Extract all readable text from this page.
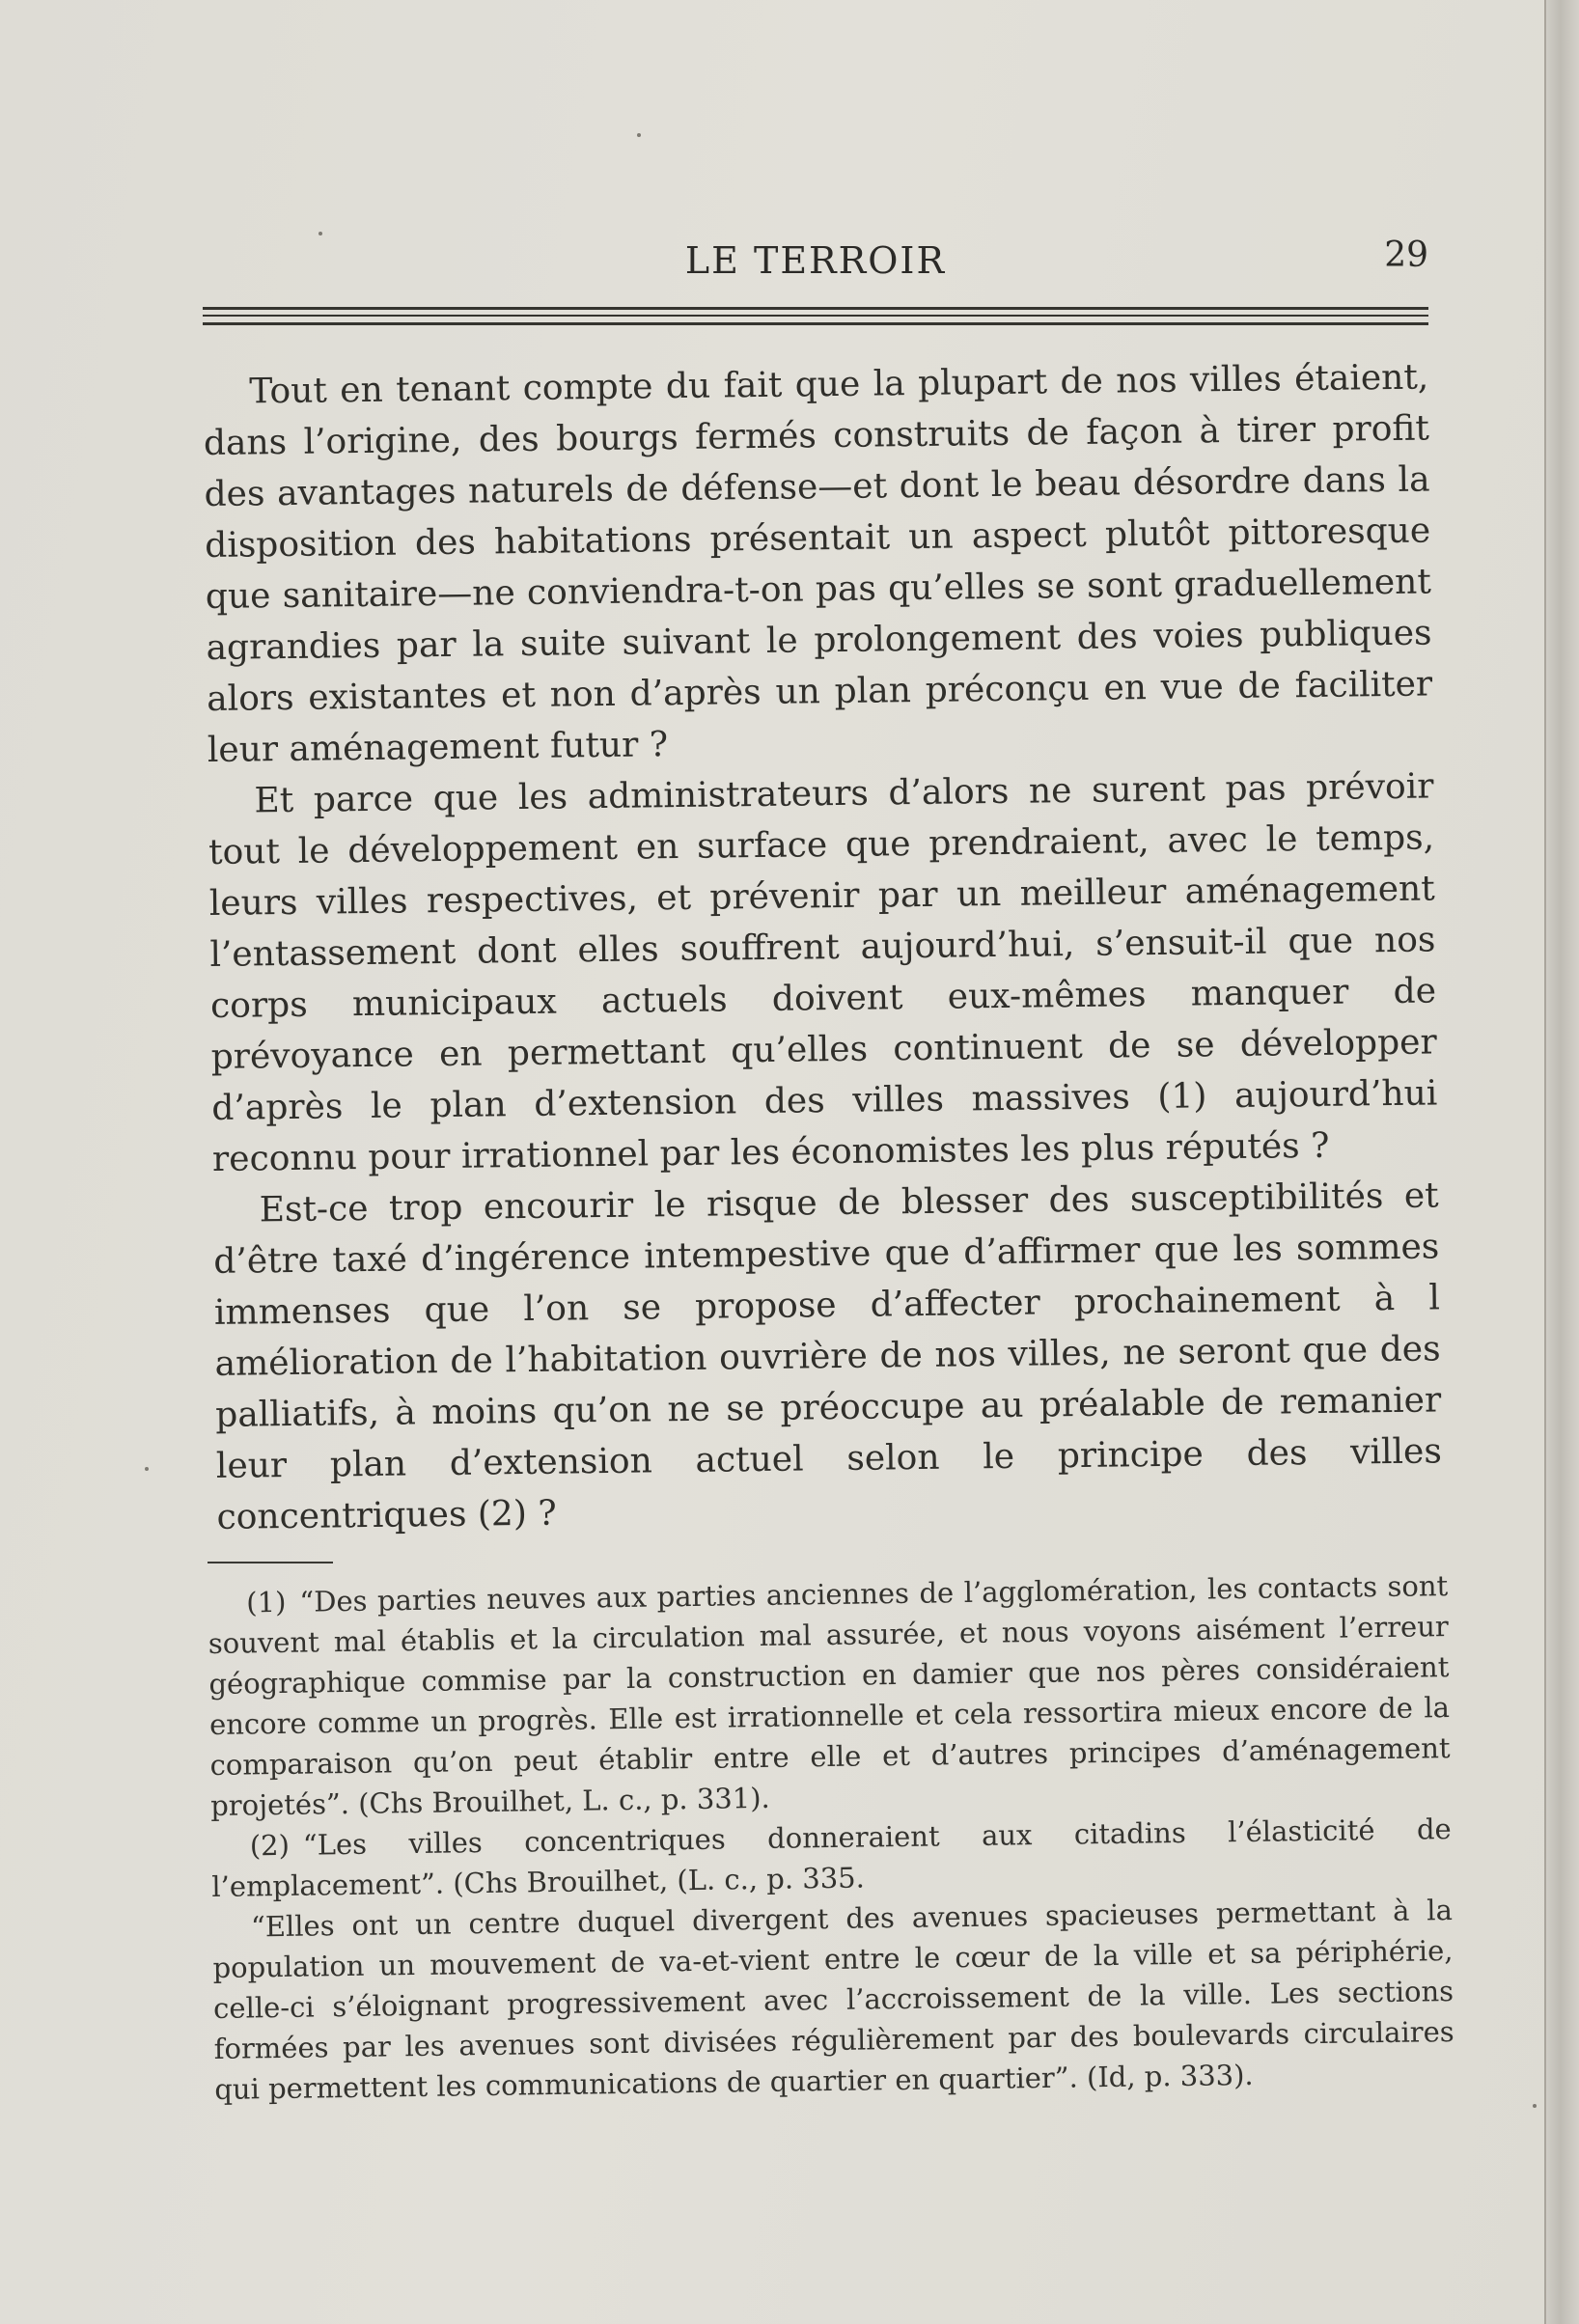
LE TERROIR	29

Tout en tenant compte du fait que la plupart de nos villes étaient, dans l’origine, des bourgs fermés construits de façon à tirer profit des avantages naturels de défense—et dont le beau désordre dans la disposition des habitations présentait un aspect plutôt pittoresque que sanitaire—ne conviendra-t-on pas qu’elles se sont graduellement agrandies par la suite suivant le prolongement des voies publiques alors existantes et non d’après un plan préconçu en vue de faciliter leur aménagement futur ?

Et parce que les administrateurs d’alors ne surent pas prévoir tout le développement en surface que prendraient, avec le temps, leurs villes respectives, et prévenir par un meilleur aménagement l’entassement dont elles souffrent aujourd’hui, s’ensuit-il que nos corps municipaux actuels doivent eux-mêmes manquer de prévoyance en permettant qu’elles continuent de se développer d’après le plan d’extension des villes massives (1) aujourd’hui reconnu pour irrationnel par les économistes les plus réputés ?

Est-ce trop encourir le risque de blesser des susceptibilités et d’être taxé d’ingérence intempestive que d’affirmer que les sommes immenses que l’on se propose d’affecter prochainement à l amélioration de l’habitation ouvrière de nos villes, ne seront que des palliatifs, à moins qu’on ne se préoccupe au préalable de remanier leur plan d’extension actuel selon le principe des villes concentriques (2) ?

(1) “Des parties neuves aux parties anciennes de l’agglomération, les contacts sont souvent mal établis et la circulation mal assurée, et nous voyons aisément l’erreur géographique commise par la construction en damier que nos pères considéraient encore comme un progrès. Elle est irrationnelle et cela ressortira mieux encore de la comparaison qu’on peut établir entre elle et d’autres principes d’aménagement projetés”. (Chs Brouilhet, L. c., p. 331).

(2) “Les villes concentriques donneraient aux citadins l’élasticité de l’emplacement”. (Chs Brouilhet, (L. c., p. 335.

“Elles ont un centre duquel divergent des avenues spacieuses permettant à la population un mouvement de va-et-vient entre le cœur de la ville et sa périphérie, celle-ci s’éloignant progressivement avec l’accroissement de la ville. Les sections formées par les avenues sont divisées régulièrement par des boulevards circulaires qui permettent les communications de quartier en quartier”. (Id, p. 333).
